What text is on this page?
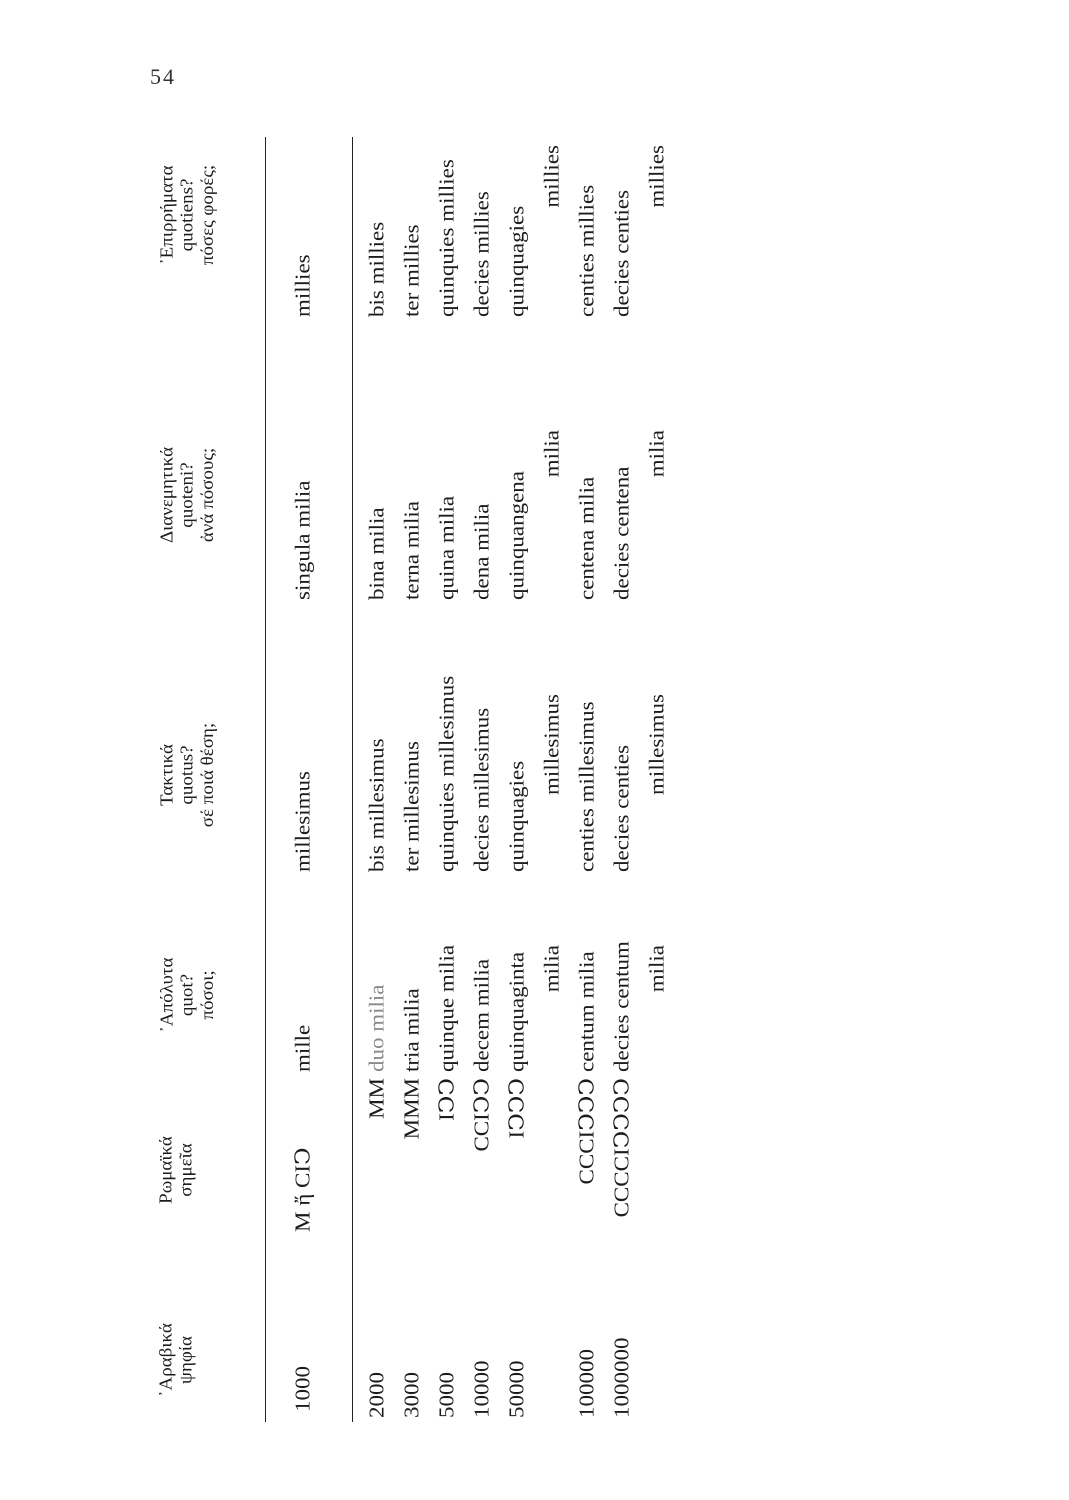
54
᾿Αραβικά ψηφία
Ρωμαϊκά σημεῖα
᾿Απόλυτα quot? πόσοι;
Τακτικά quotus? σέ ποιά θέση;
Διανεμητικά quoteni? ἀνά πόσους;
᾿Επιρρήματα quotiens? πόσες φορές;
1000
M ἤ CIↃ
mille
millesimus
singula milia
millies
2000
MM
duo milia
bis millesimus
bina milia
bis millies
3000
MMM
tria milia
ter millesimus
terna milia
ter millies
5000
IↃↃ
quinque milia
quinquies millesimus
quina milia
quinquies millies
10000
CCIↃↃ
decem milia
decies millesimus
dena milia
decies millies
50000
IↃↃↃ
quinquaginta
quinquagies
quinquangena
quinquagies
milia
millesimus
milia
millies
100000
CCCIↃↃↃ
centum milia
centies millesimus
centena milia
centies millies
1000000
CCCCIↃↃↃↃ
decies centum
decies centies
decies centena
decies centies
milia
millesimus
milia
millies
